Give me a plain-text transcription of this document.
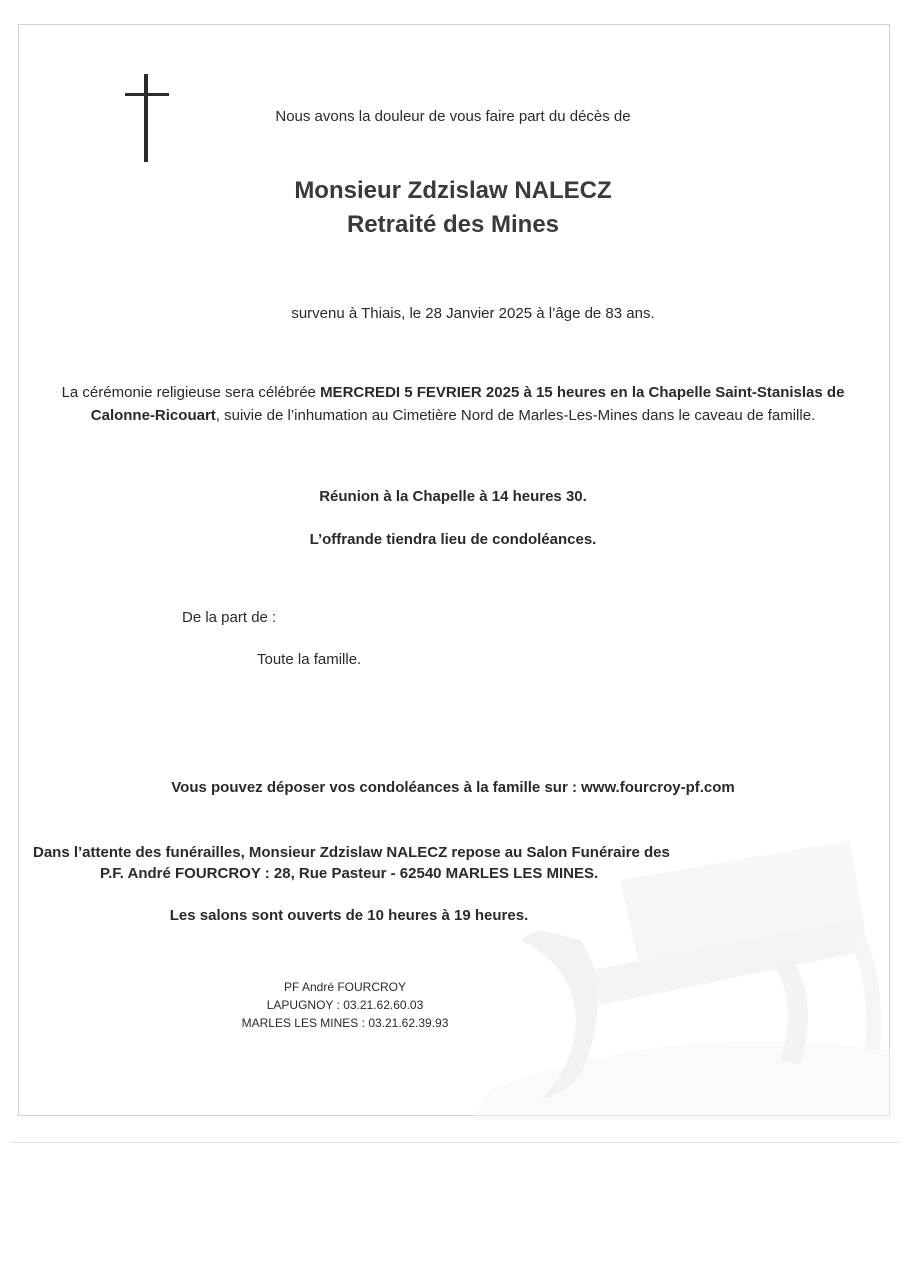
Nous avons la douleur de vous faire part du décès de
Monsieur Zdzislaw NALECZ
Retraité des Mines
survenu à Thiais, le 28 Janvier 2025 à l’âge de 83 ans.
La cérémonie religieuse sera célébrée MERCREDI 5 FEVRIER 2025 à 15 heures en la Chapelle Saint-Stanislas de Calonne-Ricouart, suivie de l’inhumation au Cimetière Nord de Marles-Les-Mines dans le caveau de famille.
Réunion à la Chapelle à 14 heures 30.
L’offrande tiendra lieu de condoléances.
De la part de :
Toute la famille.
Vous pouvez déposer vos condoléances à la famille sur : www.fourcroy-pf.com
Dans l’attente des funérailles, Monsieur Zdzislaw NALECZ repose au Salon Funéraire des
P.F. André FOURCROY : 28, Rue Pasteur - 62540 MARLES LES MINES.
Les salons sont ouverts de 10 heures à 19 heures.
PF André FOURCROY
LAPUGNOY : 03.21.62.60.03
MARLES LES MINES : 03.21.62.39.93
